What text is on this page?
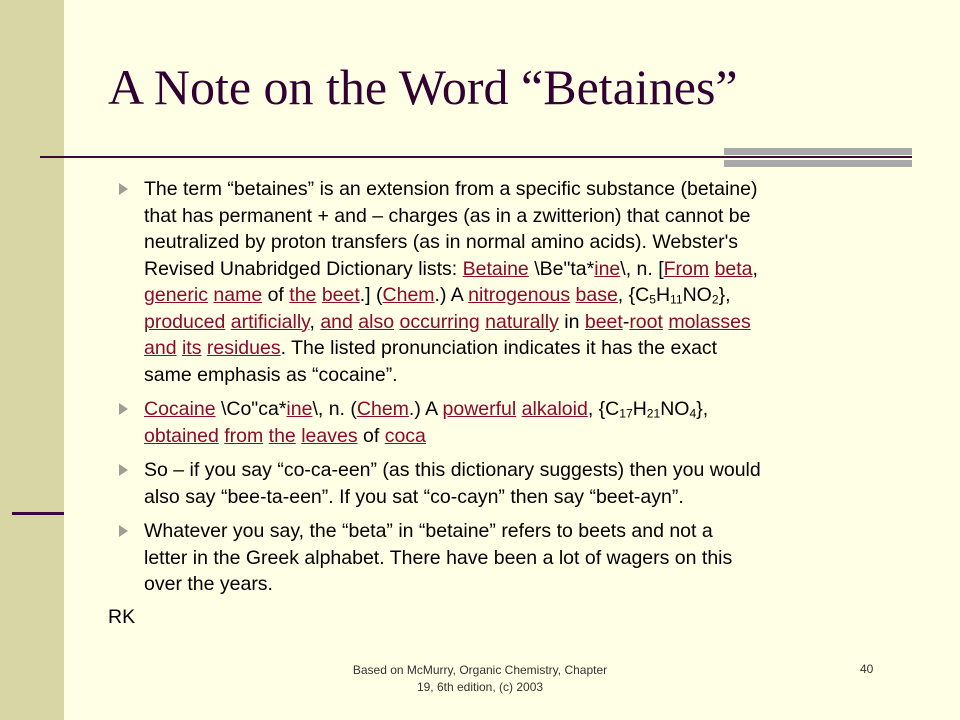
A Note on the Word “Betaines”
The term “betaines” is an extension from a specific substance (betaine)
that has permanent + and – charges (as in a zwitterion) that cannot be
neutralized by proton transfers (as in normal amino acids). Webster's
Revised Unabridged Dictionary lists: Betaine \Be"ta*ine\, n. [From beta,
generic name of the beet.] (Chem.) A nitrogenous base, $\{C_5H_{11}NO_2\}$,
produced artificially, and also occurring naturally in beet-root molasses
and its residues. The listed pronunciation indicates it has the exact
same emphasis as “cocaine”.
Cocaine \Co"ca*ine\, n. (Chem.) A powerful alkaloid, $\{C_{17}H_{21}NO_4\}$,
obtained from the leaves of coca
So – if you say “co-ca-een” (as this dictionary suggests) then you would
also say “bee-ta-een”. If you sat “co-cayn” then say “beet-ayn”.
Whatever you say, the “beta” in “betaine” refers to beets and not a
letter in the Greek alphabet. There have been a lot of wagers on this
over the years.
RK
Based on McMurry, Organic Chemistry, Chapter
19, 6th edition, (c) 2003
40
